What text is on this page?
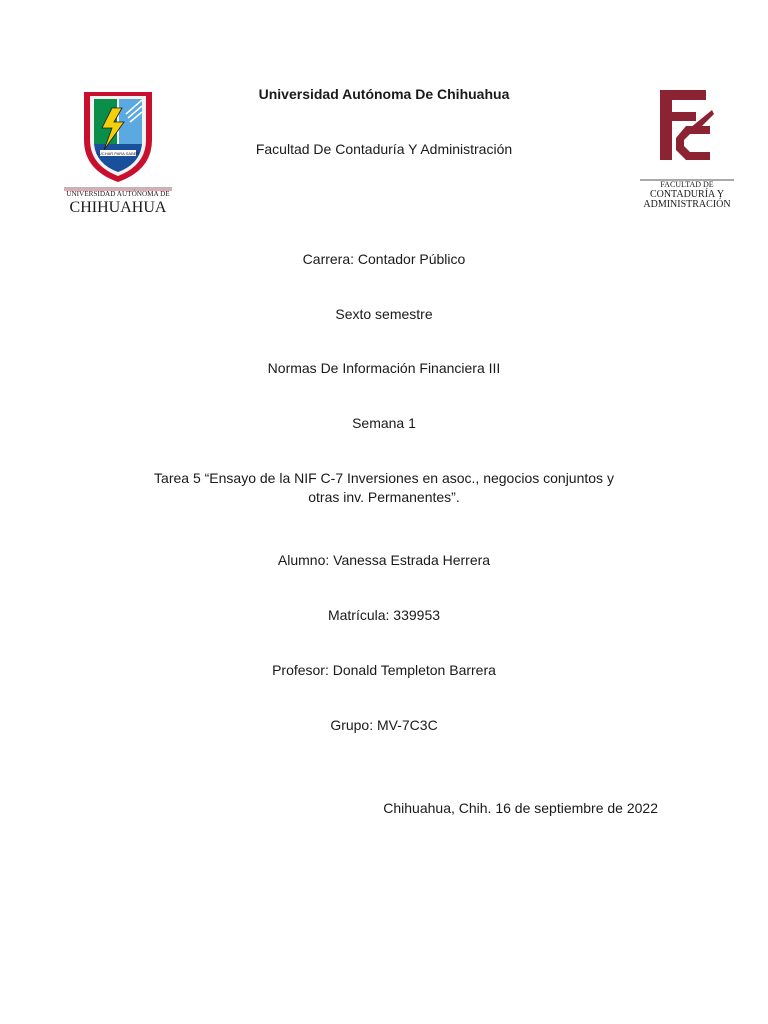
LUCHAR PARA SABER
UNIVERSIDAD AUTÓNOMA DE
CHIHUAHUA
FACULTAD DE
CONTADURÍA Y
ADMINISTRACIÓN
Universidad Autónoma De Chihuahua
Facultad De Contaduría Y Administración
Carrera: Contador Público
Sexto semestre
Normas De Información Financiera III
Semana 1
Tarea 5 “Ensayo de la NIF C-7 Inversiones en asoc., negocios conjuntos y
otras inv. Permanentes”.
Alumno: Vanessa Estrada Herrera
Matrícula: 339953
Profesor: Donald Templeton Barrera
Grupo: MV-7C3C
Chihuahua, Chih. 16 de septiembre de 2022
